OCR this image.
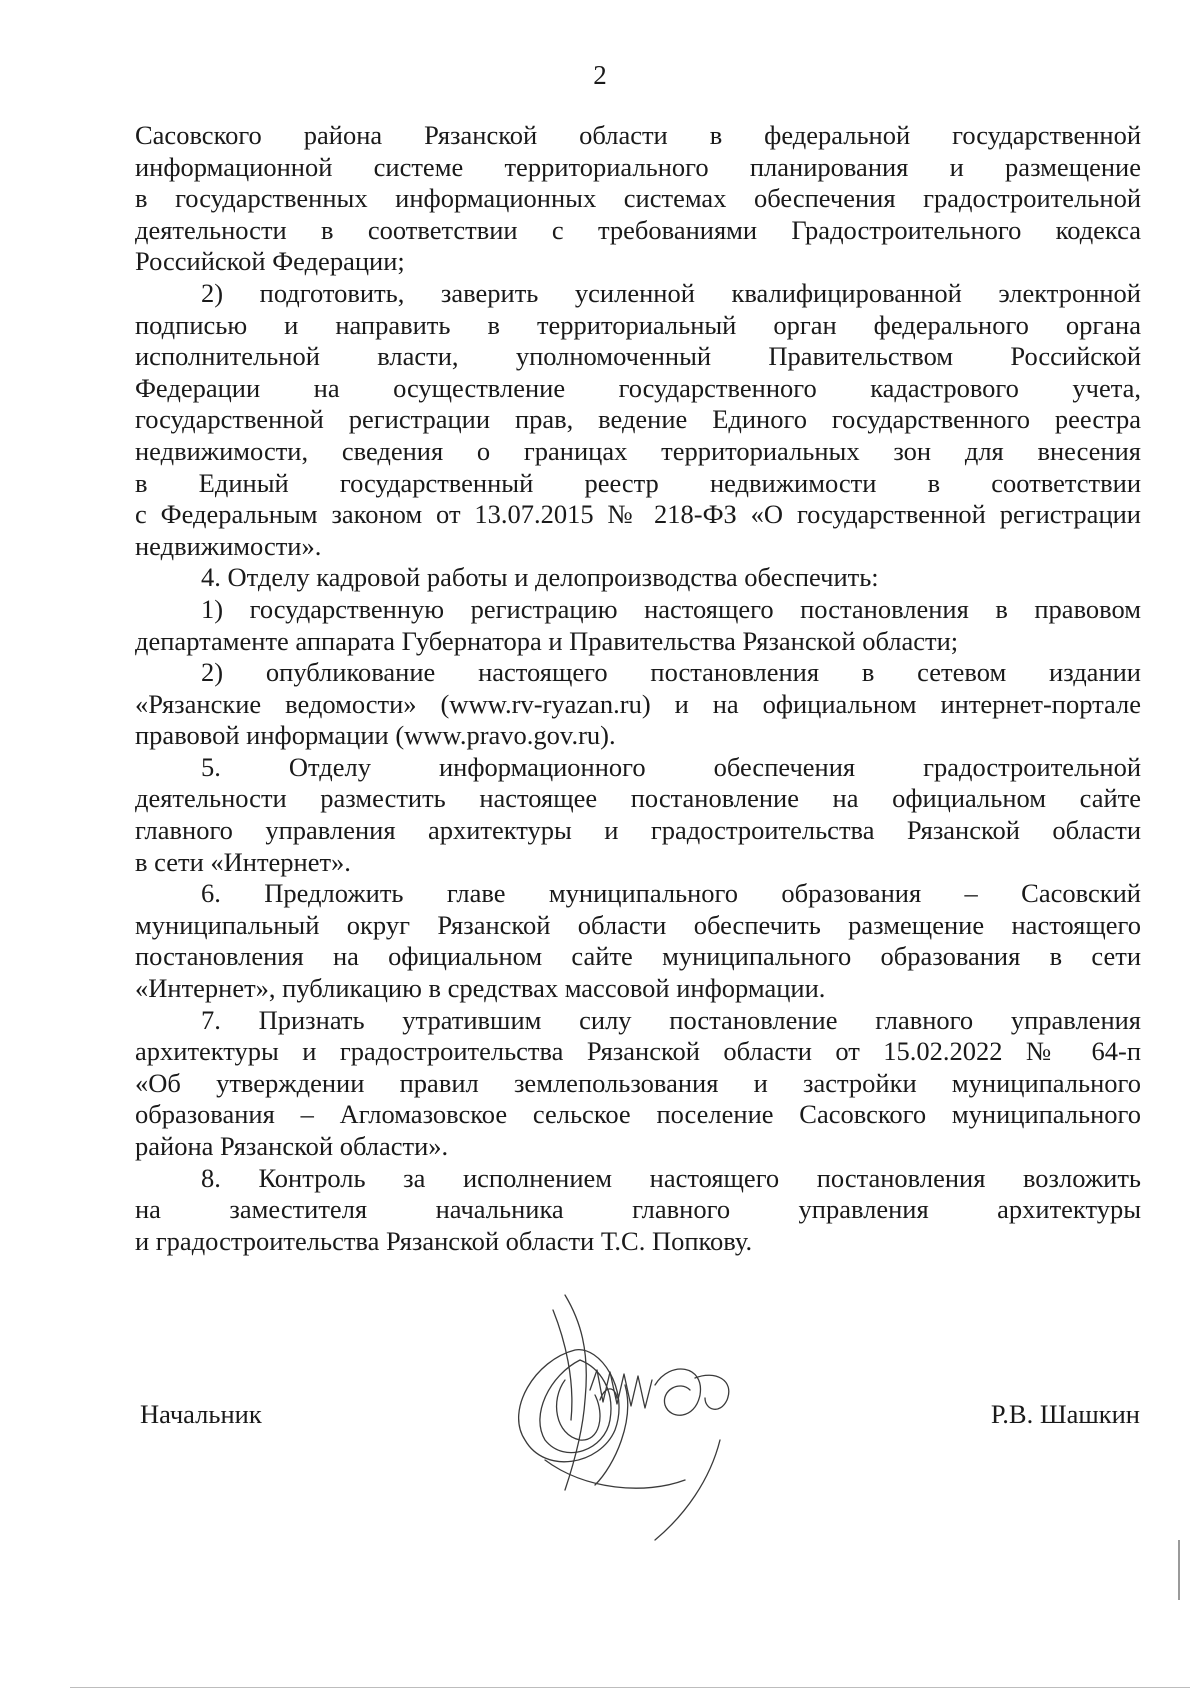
2

Сасовского района Рязанской области в федеральной государственной
информационной системе территориального планирования и размещение
в государственных информационных системах обеспечения градостроительной
деятельности в соответствии с требованиями Градостроительного кодекса
Российской Федерации;

2) подготовить, заверить усиленной квалифицированной электронной
подписью и направить в территориальный орган федерального органа
исполнительной власти, уполномоченный Правительством Российской
Федерации на осуществление государственного кадастрового учета,
государственной регистрации прав, ведение Единого государственного реестра
недвижимости, сведения о границах территориальных зон для внесения
в Единый государственный реестр недвижимости в соответствии
с Федеральным законом от 13.07.2015 № 218-ФЗ «О государственной регистрации
недвижимости».

4. Отделу кадровой работы и делопроизводства обеспечить:

1) государственную регистрацию настоящего постановления в правовом
департаменте аппарата Губернатора и Правительства Рязанской области;

2) опубликование настоящего постановления в сетевом издании
«Рязанские ведомости» (www.rv-ryazan.ru) и на официальном интернет-портале
правовой информации (www.pravo.gov.ru).

5. Отделу информационного обеспечения градостроительной
деятельности разместить настоящее постановление на официальном сайте
главного управления архитектуры и градостроительства Рязанской области
в сети «Интернет».

6. Предложить главе муниципального образования – Сасовский
муниципальный округ Рязанской области обеспечить размещение настоящего
постановления на официальном сайте муниципального образования в сети
«Интернет», публикацию в средствах массовой информации.

7. Признать утратившим силу постановление главного управления
архитектуры и градостроительства Рязанской области от 15.02.2022 № 64-п
«Об утверждении правил землепользования и застройки муниципального
образования – Агломазовское сельское поселение Сасовского муниципального
района Рязанской области».

8. Контроль за исполнением настоящего постановления возложить
на заместителя начальника главного управления архитектуры
и градостроительства Рязанской области Т.С. Попкову.

Начальник	Р.В. Шашкин
